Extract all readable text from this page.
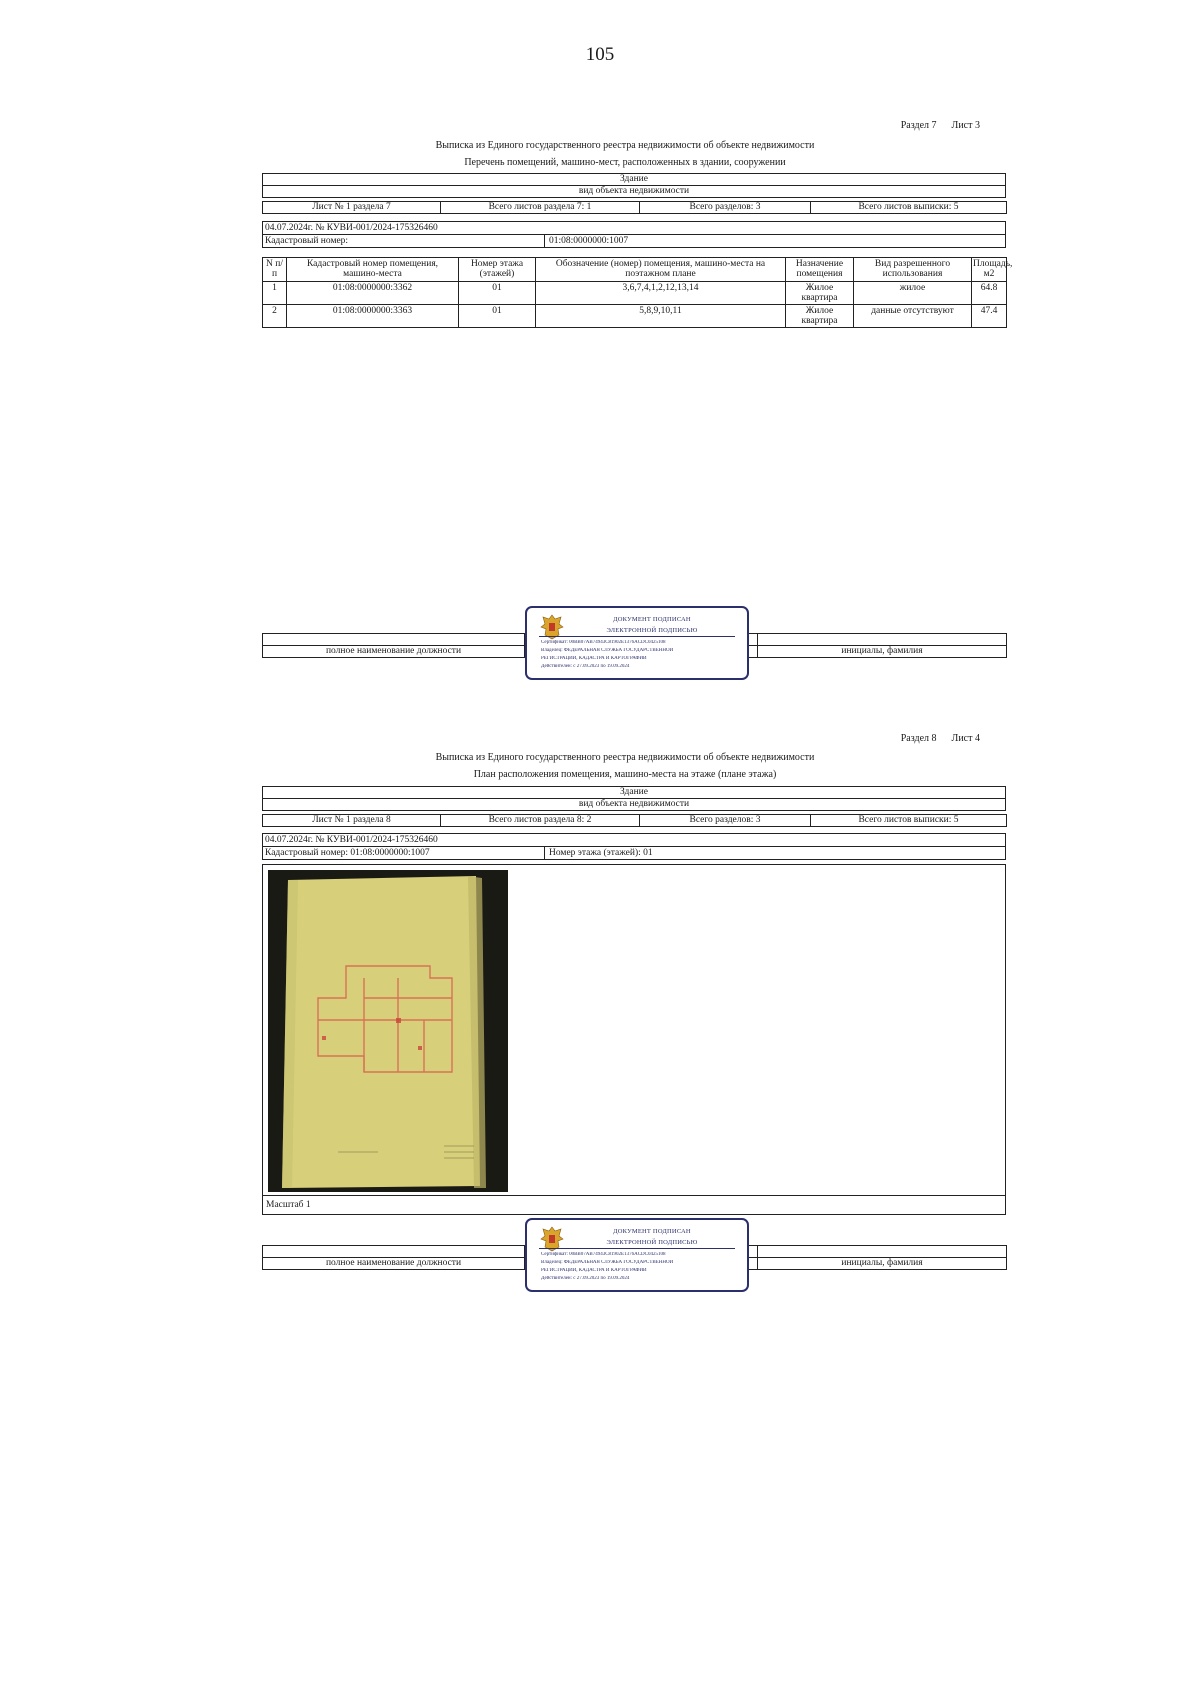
105
Раздел 7 Лист 3
Выписка из Единого государственного реестра недвижимости об объекте недвижимости
Перечень помещений, машино-мест, расположенных в здании, сооружении
Здание
вид объекта недвижимости
Лист № 1 раздела 7	Всего листов раздела 7: 1	Всего разделов: 3	Всего листов выписки: 5
04.07.2024г. № КУВИ-001/2024-175326460
Кадастровый номер:	01:08:0000000:1007
N п/п	Кадастровый номер помещения, машино-места	Номер этажа (этажей)	Обозначение (номер) помещения, машино-места на поэтажном плане	Назначение помещения	Вид разрешенного использования	Площадь, м2
1	01:08:0000000:3362	01	3,6,7,4,1,2,12,13,14	Жилое квартира	жилое	64.8
2	01:08:0000000:3363	01	5,8,9,10,11	Жилое квартира	данные отсутствуют	47.4

полное наименование должности		инициалы, фамилия
ДОКУМЕНТ ПОДПИСАН
ЭЛЕКТРОННОЙ ПОДПИСЬЮ
Сертификат: 00BB07AB74943C81902E1376ACDC0425108
Владелец: ФЕДЕРАЛЬНАЯ СЛУЖБА ГОСУДАРСТВЕННОЙ
РЕГИСТРАЦИИ, КАДАСТРА И КАРТОГРАФИИ
Действителен: с 27.09.2023 по 19.09.2024
Раздел 8 Лист 4
Выписка из Единого государственного реестра недвижимости об объекте недвижимости
План расположения помещения, машино-места на этаже (плане этажа)
Здание
вид объекта недвижимости
Лист № 1 раздела 8	Всего листов раздела 8: 2	Всего разделов: 3	Всего листов выписки: 5
04.07.2024г. № КУВИ-001/2024-175326460
Кадастровый номер: 01:08:0000000:1007	Номер этажа (этажей): 01
Масштаб 1

полное наименование должности		инициалы, фамилия
ДОКУМЕНТ ПОДПИСАН
ЭЛЕКТРОННОЙ ПОДПИСЬЮ
Сертификат: 00BB07AB74943C81902E1376ACDC0425108
Владелец: ФЕДЕРАЛЬНАЯ СЛУЖБА ГОСУДАРСТВЕННОЙ
РЕГИСТРАЦИИ, КАДАСТРА И КАРТОГРАФИИ
Действителен: с 27.09.2023 по 19.09.2024
